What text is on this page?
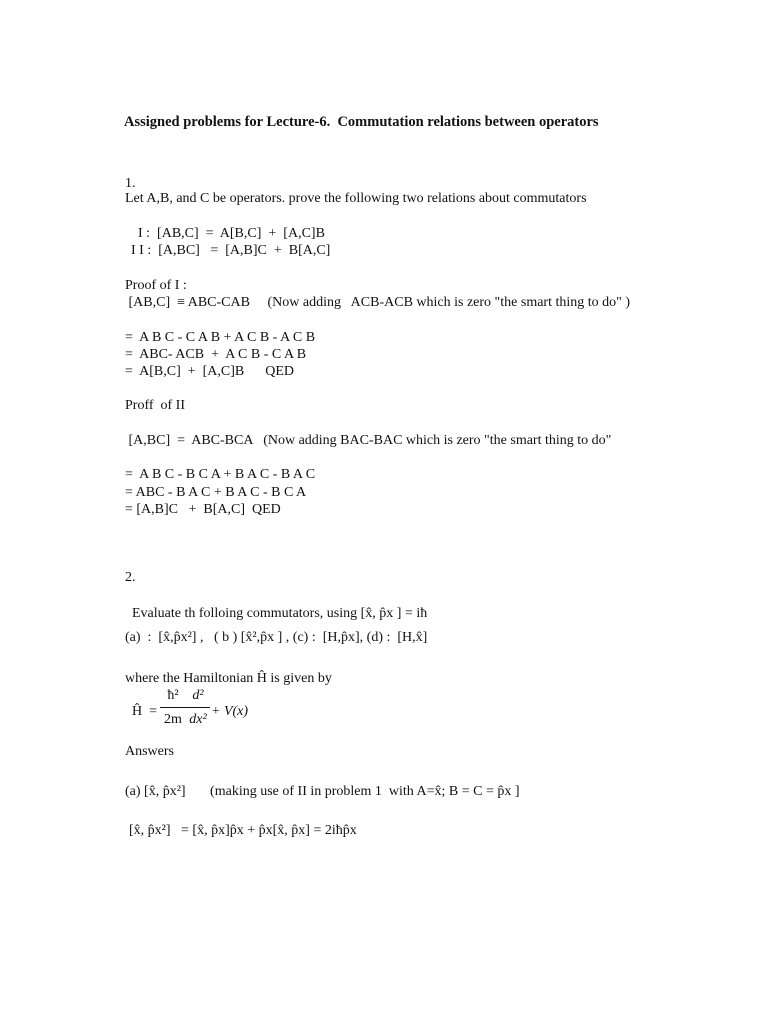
Assigned problems for Lecture-6.  Commutation relations between operators
1.
Let A,B, and C be operators. prove the following two relations about commutators
I :  [AB,C]  =  A[B,C]  +  [A,C]B
I I :  [A,BC]   =  [A,B]C  +  B[A,C]
Proof of I :
[AB,C]  ≡ ABC-CAB     (Now adding   ACB-ACB which is zero "the smart thing to do" )
=  A B C - C A B + A C B - A C B
=  ABC- ACB  +  A C B - C A B
=  A[B,C]  +  [A,C]B      QED
Proff  of II
[A,BC]  =  ABC-BCA   (Now adding BAC-BAC which is zero "the smart thing to do"
=  A B C - B C A + B A C - B A C
= ABC - B A C + B A C - B C A
= [A,B]C   +  B[A,C]  QED
2.

Evaluate th folloing commutators, using [x̂, p̂x ] = iħ

(a)  :  [x̂,p̂x²] ,   ( b ) [x̂²,p̂x ] , (c) :  [H,p̂x], (d) :  [H,x̂]
where the Hamiltonian Ĥ is given by
Ĥ  =
ħ²
2m
d²
dx²
+ V(x)
Answers
(a) [x̂, p̂x²]       (making use of II in problem 1  with A=x̂; B = C = p̂x ]
[x̂, p̂x²]   = [x̂, p̂x]p̂x + p̂x[x̂, p̂x] = 2iħp̂x
